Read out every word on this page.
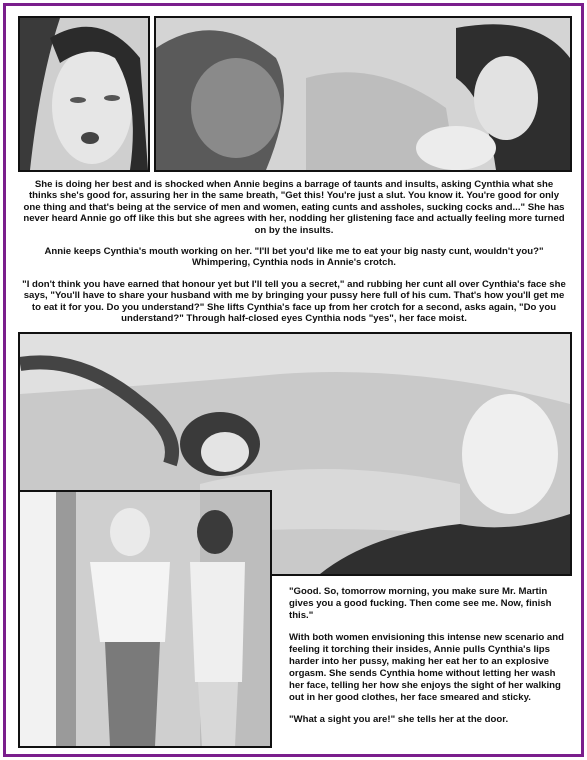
She is doing her best and is shocked when Annie begins a barrage of taunts and insults, asking Cynthia what she thinks she's good for, assuring her in the same breath, "Get this! You're just a slut. You know it. You're good for only one thing and that's being at the service of men and women, eating cunts and assholes, sucking cocks and..." She has never heard Annie go off like this but she agrees with her, nodding her glistening face and actually feeling more turned on by the insults.

Annie keeps Cynthia's mouth working on her. "I'll bet you'd like me to eat your big nasty cunt, wouldn't you?" Whimpering, Cynthia nods in Annie's crotch.

"I don't think you have earned that honour yet but I'll tell you a secret," and rubbing her cunt all over Cynthia's face she says, "You'll have to share your husband with me by bringing your pussy here full of his cum. That's how you'll get me to eat it for you. Do you understand?" She lifts Cynthia's face up from her crotch for a second, asks again, "Do you understand?" Through half-closed eyes Cynthia nods "yes", her face moist.

"Good. So, tomorrow morning, you make sure Mr. Martin gives you a good fucking. Then come see me. Now, finish this."

With both women envisioning this intense new scenario and feeling it torching their insides, Annie pulls Cynthia's lips harder into her pussy, making her eat her to an explosive orgasm. She sends Cynthia home without letting her wash her face, telling her how she enjoys the sight of her walking out in her good clothes, her face smeared and sticky.

"What a sight you are!" she tells her at the door.
